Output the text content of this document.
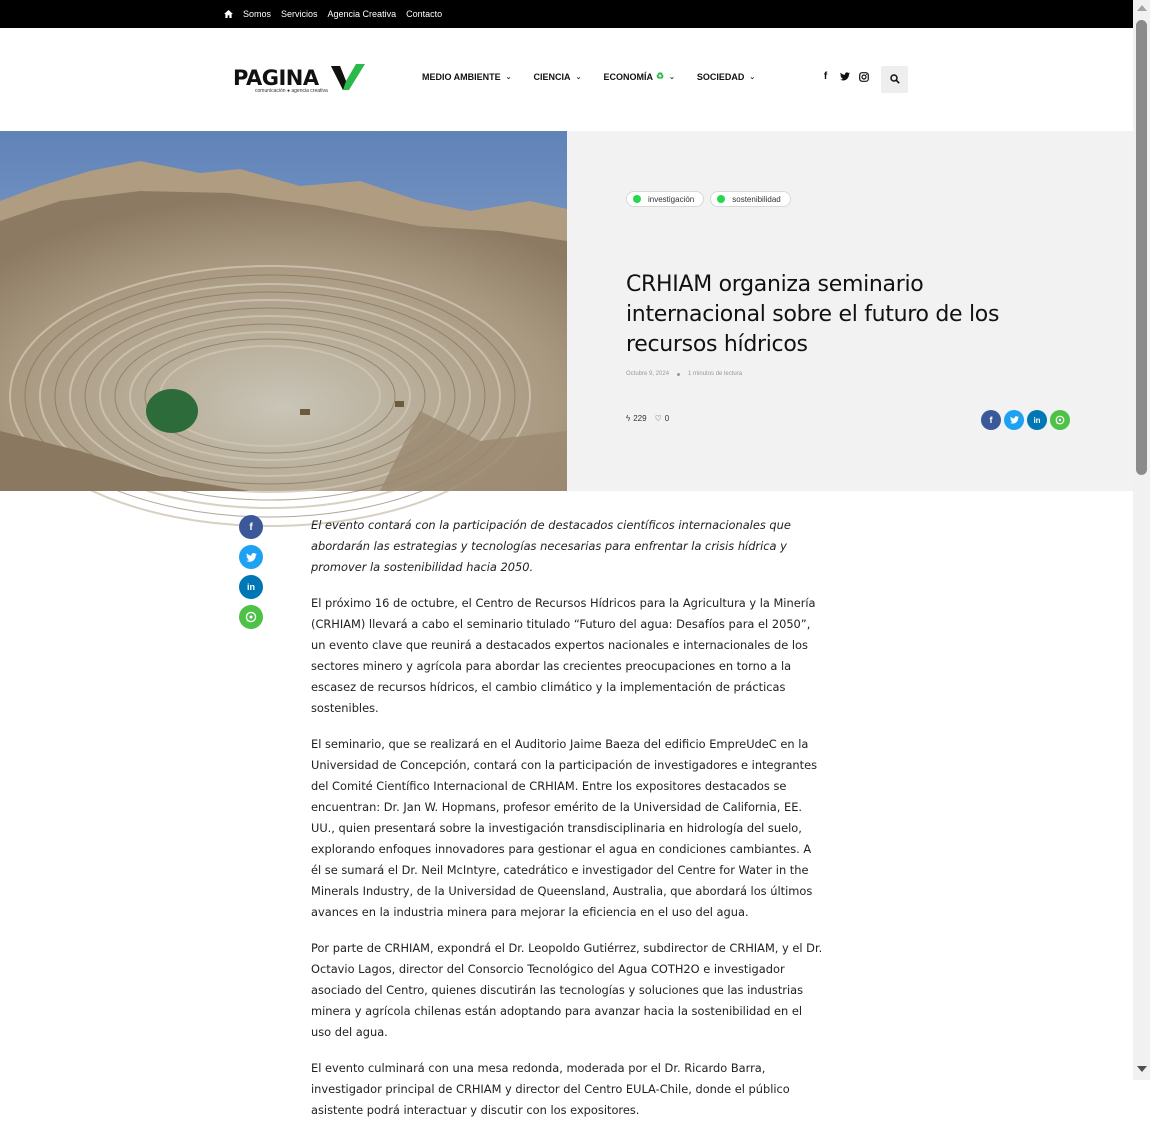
Somos Servicios Agencia Creativa Contacto
PAGINA
comunicación ● agencia creativa
MEDIO AMBIENTE ⌄ CIENCIA ⌄ ECONOMÍA ♻ ⌄ SOCIEDAD ⌄	f
investigación	sostenibilidad
CRHIAM organiza seminario internacional sobre el futuro de los recursos hídricos
Octubre 9, 2024	1 minutos de lectura
ϟ 229 ♡ 0	f	in
f
in

El evento contará con la participación de destacados científicos internacionales que abordarán las estrategias y tecnologías necesarias para enfrentar la crisis hídrica y promover la sostenibilidad hacia 2050.

El próximo 16 de octubre, el Centro de Recursos Hídricos para la Agricultura y la Minería (CRHIAM) llevará a cabo el seminario titulado “Futuro del agua: Desafíos para el 2050”, un evento clave que reunirá a destacados expertos nacionales e internacionales de los sectores minero y agrícola para abordar las crecientes preocupaciones en torno a la escasez de recursos hídricos, el cambio climático y la implementación de prácticas sostenibles.

El seminario, que se realizará en el Auditorio Jaime Baeza del edificio EmpreUdeC en la Universidad de Concepción, contará con la participación de investigadores e integrantes del Comité Científico Internacional de CRHIAM. Entre los expositores destacados se encuentran: Dr. Jan W. Hopmans, profesor emérito de la Universidad de California, EE. UU., quien presentará sobre la investigación transdisciplinaria en hidrología del suelo, explorando enfoques innovadores para gestionar el agua en condiciones cambiantes. A él se sumará el Dr. Neil McIntyre, catedrático e investigador del Centre for Water in the Minerals Industry, de la Universidad de Queensland, Australia, que abordará los últimos avances en la industria minera para mejorar la eficiencia en el uso del agua.

Por parte de CRHIAM, expondrá el Dr. Leopoldo Gutiérrez, subdirector de CRHIAM, y el Dr. Octavio Lagos, director del Consorcio Tecnológico del Agua COTH2O e investigador asociado del Centro, quienes discutirán las tecnologías y soluciones que las industrias minera y agrícola chilenas están adoptando para avanzar hacia la sostenibilidad en el uso del agua.

El evento culminará con una mesa redonda, moderada por el Dr. Ricardo Barra, investigador principal de CRHIAM y director del Centro EULA-Chile, donde el público asistente podrá interactuar y discutir con los expositores.
